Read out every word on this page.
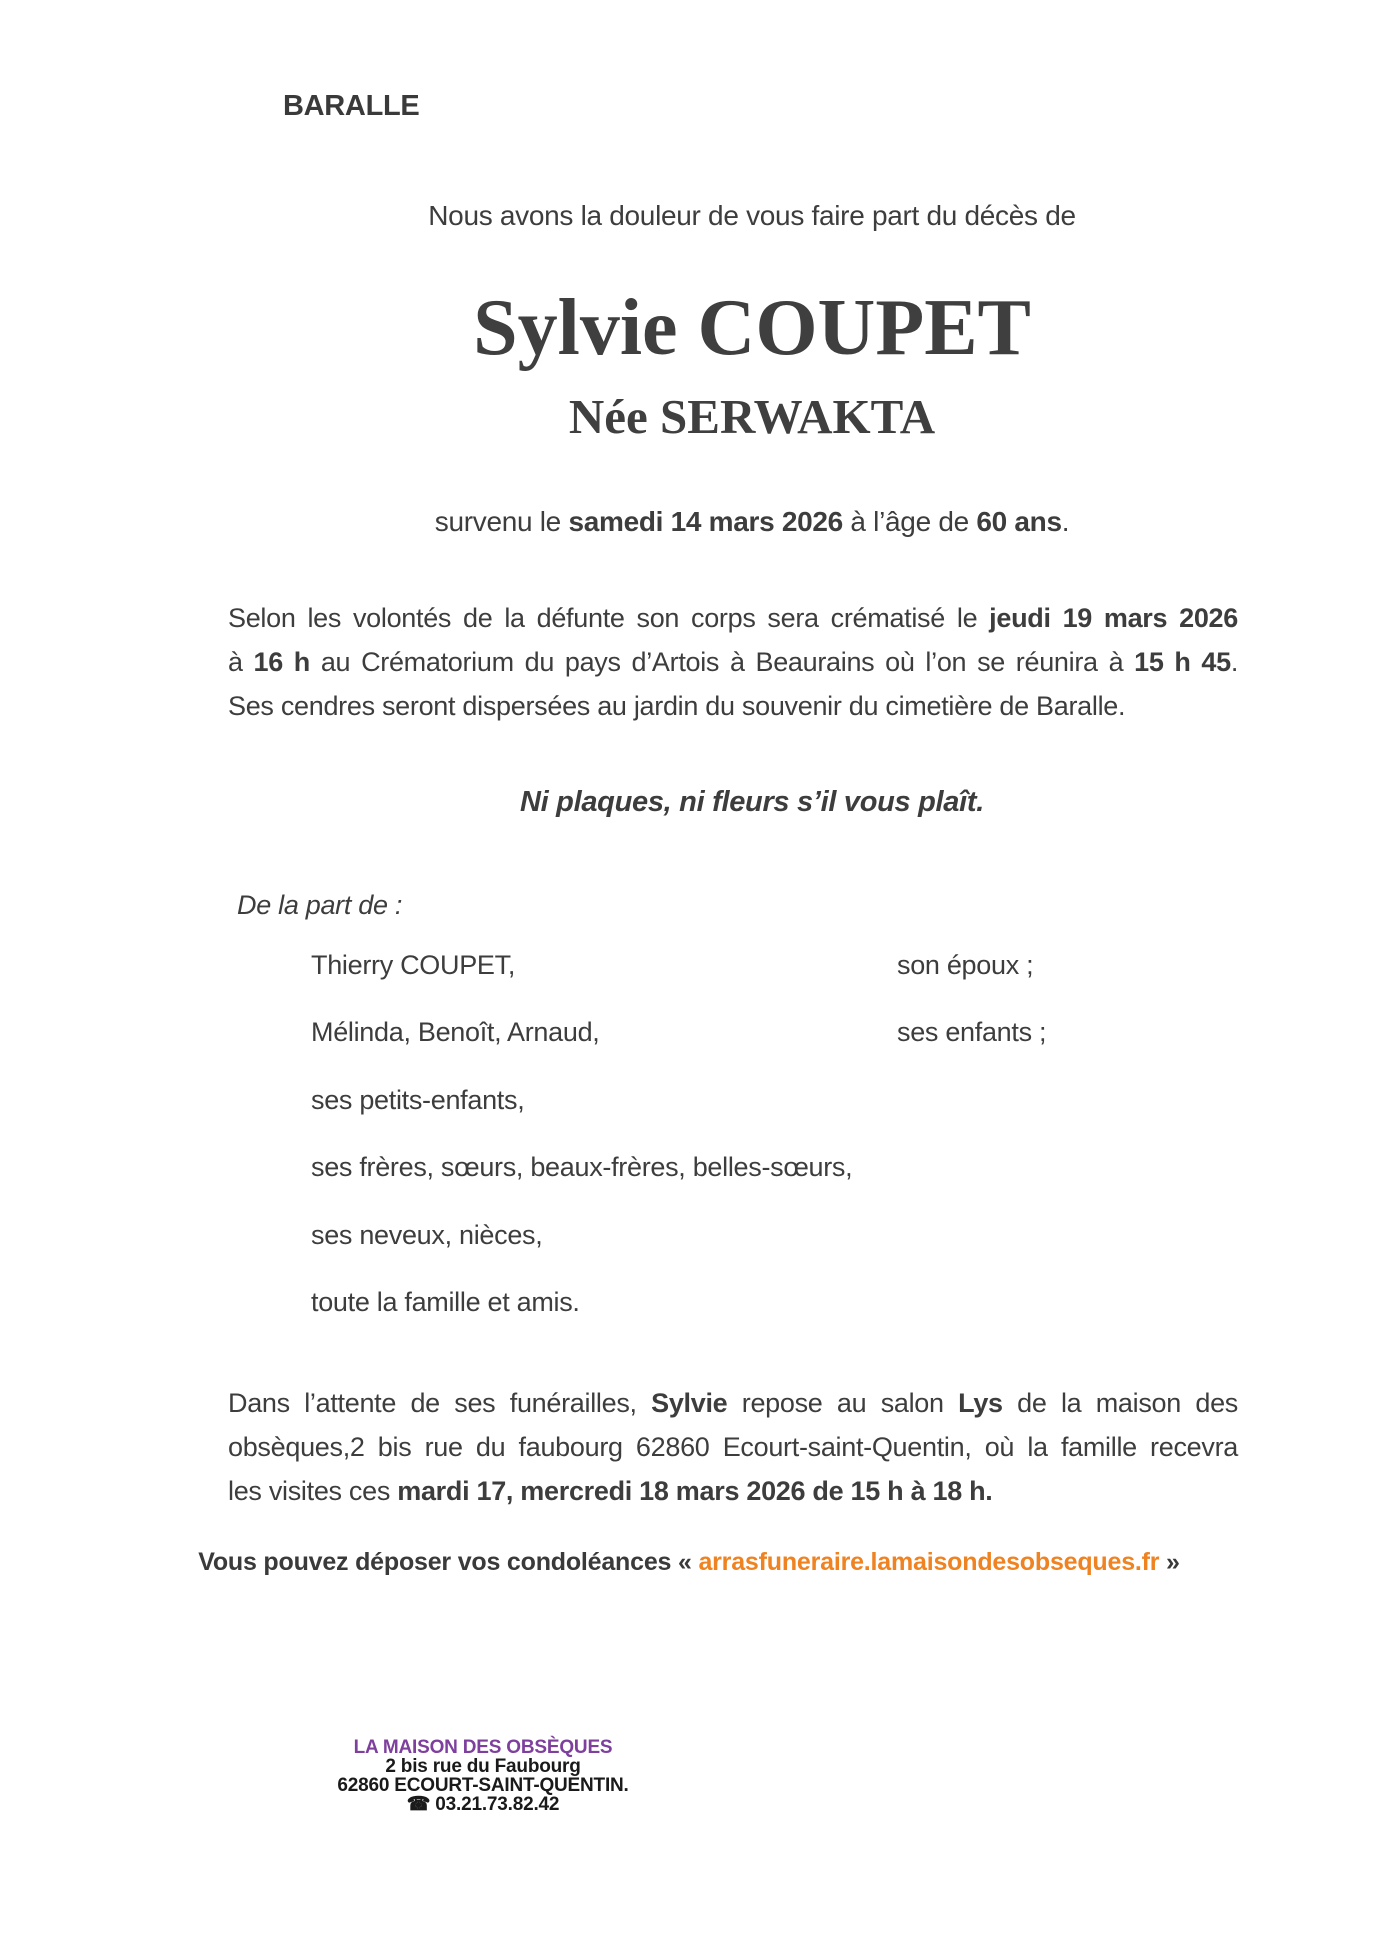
BARALLE
Nous avons la douleur de vous faire part du décès de
Sylvie COUPET
Née SERWAKTA
survenu le samedi 14 mars 2026 à l’âge de 60 ans.
Selon les volontés de la défunte son corps sera crématisé le jeudi 19 mars 2026
à 16 h au Crématorium du pays d’Artois à Beaurains où l’on se réunira à 15 h 45.
Ses cendres seront dispersées au jardin du souvenir du cimetière de Baralle.
Ni plaques, ni fleurs s’il vous plaît.
De la part de :
Thierry COUPET,	son époux ;
Mélinda, Benoît, Arnaud,	ses enfants ;
ses petits-enfants,
ses frères, sœurs, beaux-frères, belles-sœurs,
ses neveux, nièces,
toute la famille et amis.
Dans l’attente de ses funérailles, Sylvie repose au salon Lys de la maison des
obsèques,2 bis rue du faubourg 62860 Ecourt-saint-Quentin, où la famille recevra
les visites ces mardi 17, mercredi 18 mars 2026 de 15 h à 18 h.
Vous pouvez déposer vos condoléances « arrasfuneraire.lamaisondesobseques.fr »
LA MAISON DES OBSÈQUES
2 bis rue du Faubourg
62860 ECOURT-SAINT-QUENTIN.
☎ 03.21.73.82.42
